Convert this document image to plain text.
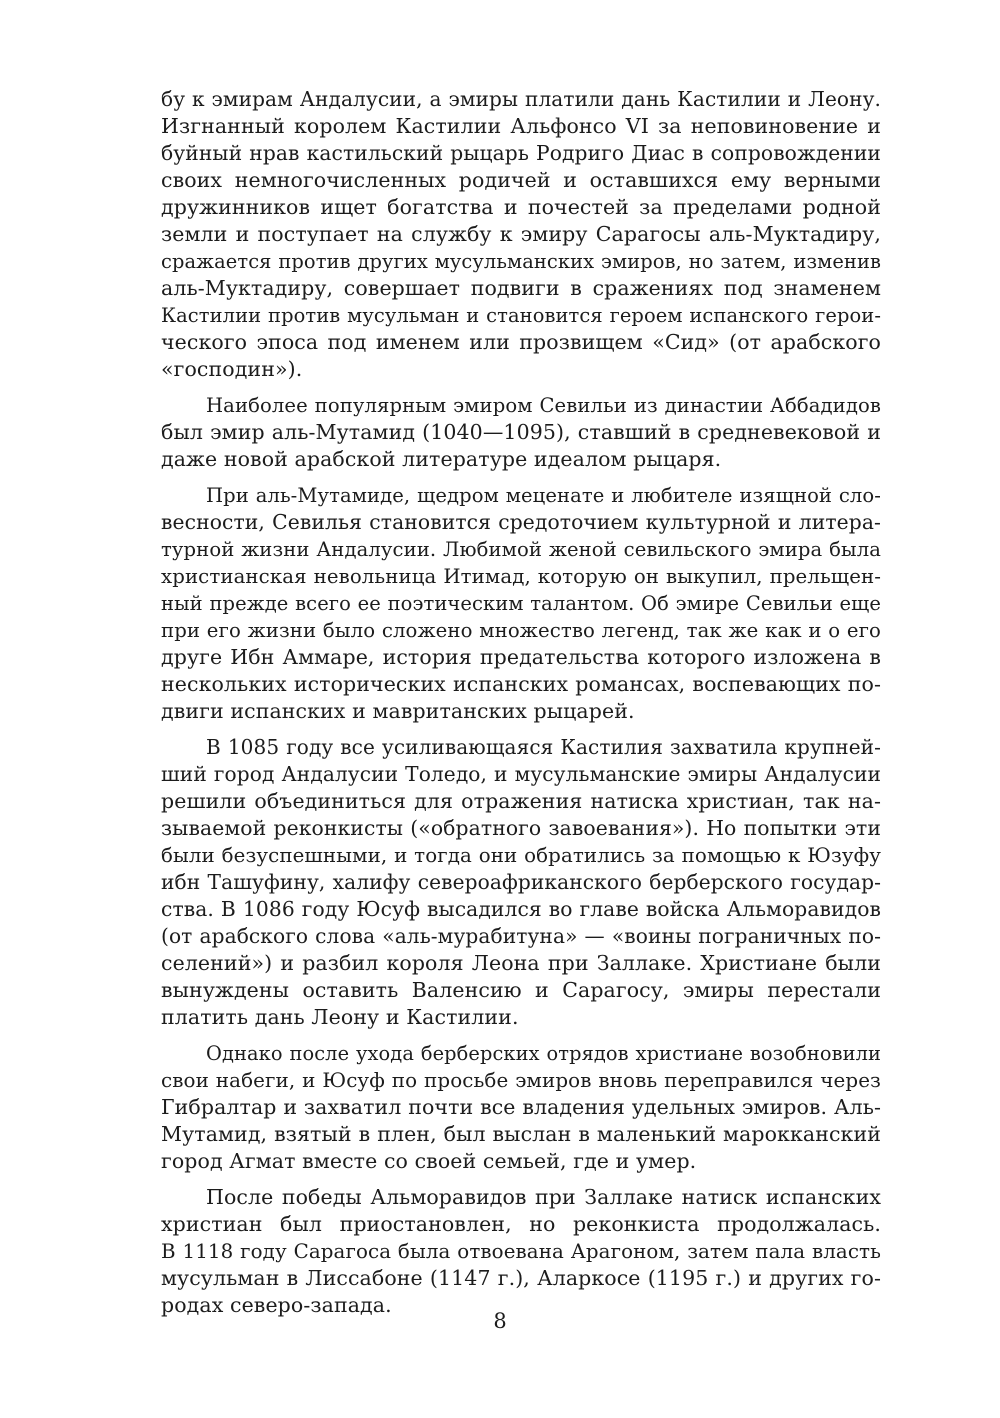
бу к эмирам Андалусии, а эмиры платили дань Кастилии и Леону.
Изгнанный королем Кастилии Альфонсо VI за неповиновение и
буйный нрав кастильский рыцарь Родриго Диас в сопровождении
своих немногочисленных родичей и оставшихся ему верными
дружинников ищет богатства и почестей за пределами родной
земли и поступает на службу к эмиру Сарагосы аль-Муктадиру,
сражается против других мусульманских эмиров, но затем, изменив
аль-Муктадиру, совершает подвиги в сражениях под знаменем
Кастилии против мусульман и становится героем испанского герои-
ческого эпоса под именем или прозвищем «Сид» (от арабского
«господин»).
Наиболее популярным эмиром Севильи из династии Аббадидов
был эмир аль-Мутамид (1040—1095), ставший в средневековой и
даже новой арабской литературе идеалом рыцаря.
При аль-Мутамиде, щедром меценате и любителе изящной сло-
весности, Севилья становится средоточием культурной и литера-
турной жизни Андалусии. Любимой женой севильского эмира была
христианская невольница Итимад, которую он выкупил, прельщен-
ный прежде всего ее поэтическим талантом. Об эмире Севильи еще
при его жизни было сложено множество легенд, так же как и о его
друге Ибн Аммаре, история предательства которого изложена в
нескольких исторических испанских романсах, воспевающих по-
двиги испанских и мавританских рыцарей.
В 1085 году все усиливающаяся Кастилия захватила крупней-
ший город Андалусии Толедо, и мусульманские эмиры Андалусии
решили объединиться для отражения натиска христиан, так на-
зываемой реконкисты («обратного завоевания»). Но попытки эти
были безуспешными, и тогда они обратились за помощью к Юзуфу
ибн Ташуфину, халифу североафриканского берберского государ-
ства. В 1086 году Юсуф высадился во главе войска Альморавидов
(от арабского слова «аль-мурабитуна» — «воины пограничных по-
селений») и разбил короля Леона при Заллаке. Христиане были
вынуждены оставить Валенсию и Сарагосу, эмиры перестали
платить дань Леону и Кастилии.
Однако после ухода берберских отрядов христиане возобновили
свои набеги, и Юсуф по просьбе эмиров вновь переправился через
Гибралтар и захватил почти все владения удельных эмиров. Аль-
Мутамид, взятый в плен, был выслан в маленький марокканский
город Агмат вместе со своей семьей, где и умер.
После победы Альморавидов при Заллаке натиск испанских
христиан был приостановлен, но реконкиста продолжалась.
В 1118 году Сарагоса была отвоевана Арагоном, затем пала власть
мусульман в Лиссабоне (1147 г.), Аларкосе (1195 г.) и других го-
родах северо-запада.
8
